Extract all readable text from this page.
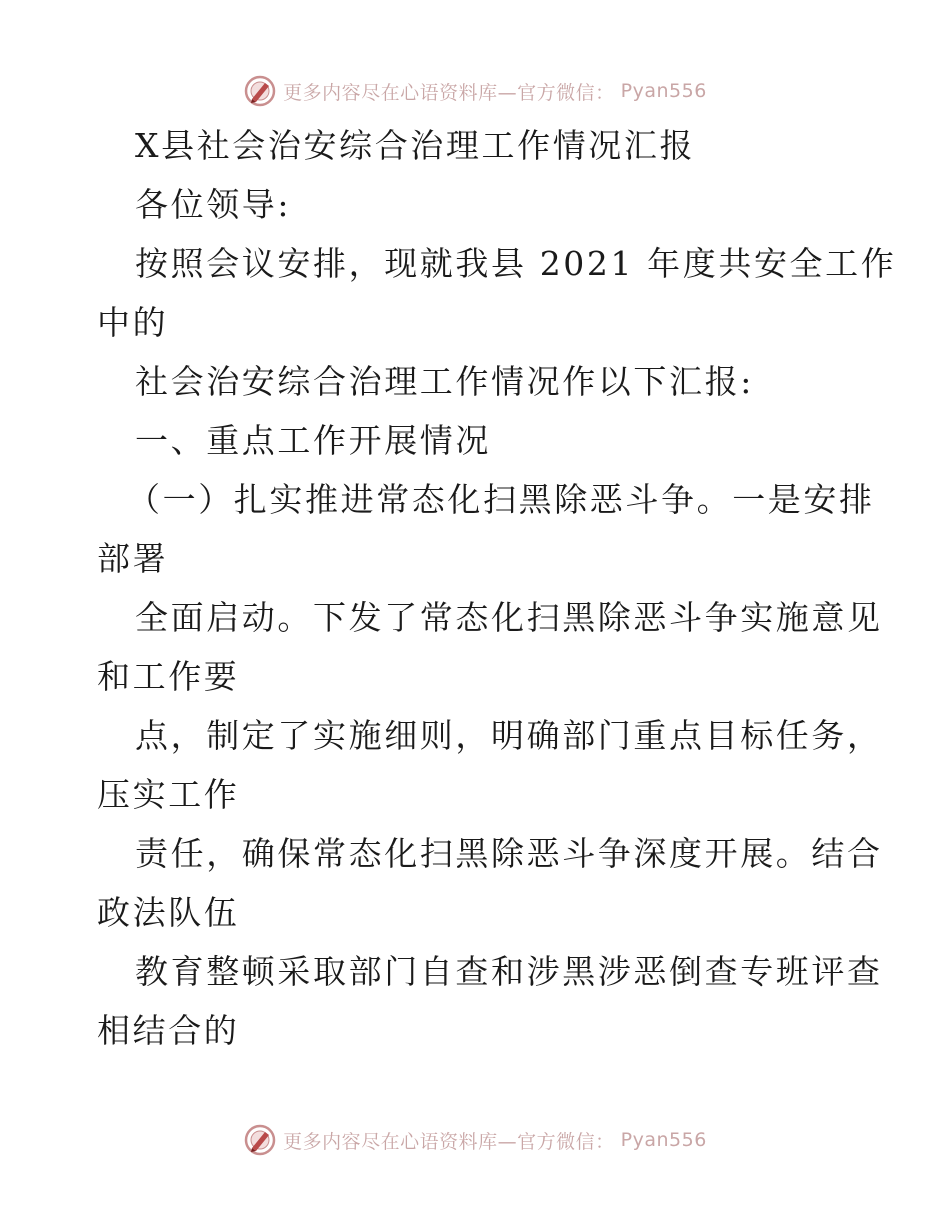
更多内容尽在心语资料库—官方微信： Pyan556
X县社会治安综合治理工作情况汇报
各位领导:
按照会议安排，现就我县 2021 年度共安全工作
中的
社会治安综合治理工作情况作以下汇报:
一、重点工作开展情况
（一）扎实推进常态化扫黑除恶斗争。一是安排
部署
全面启动。下发了常态化扫黑除恶斗争实施意见
和工作要
点，制定了实施细则，明确部门重点目标任务，
压实工作
责任，确保常态化扫黑除恶斗争深度开展。结合
政法队伍
教育整顿采取部门自查和涉黑涉恶倒查专班评查
相结合的
更多内容尽在心语资料库—官方微信： Pyan556
